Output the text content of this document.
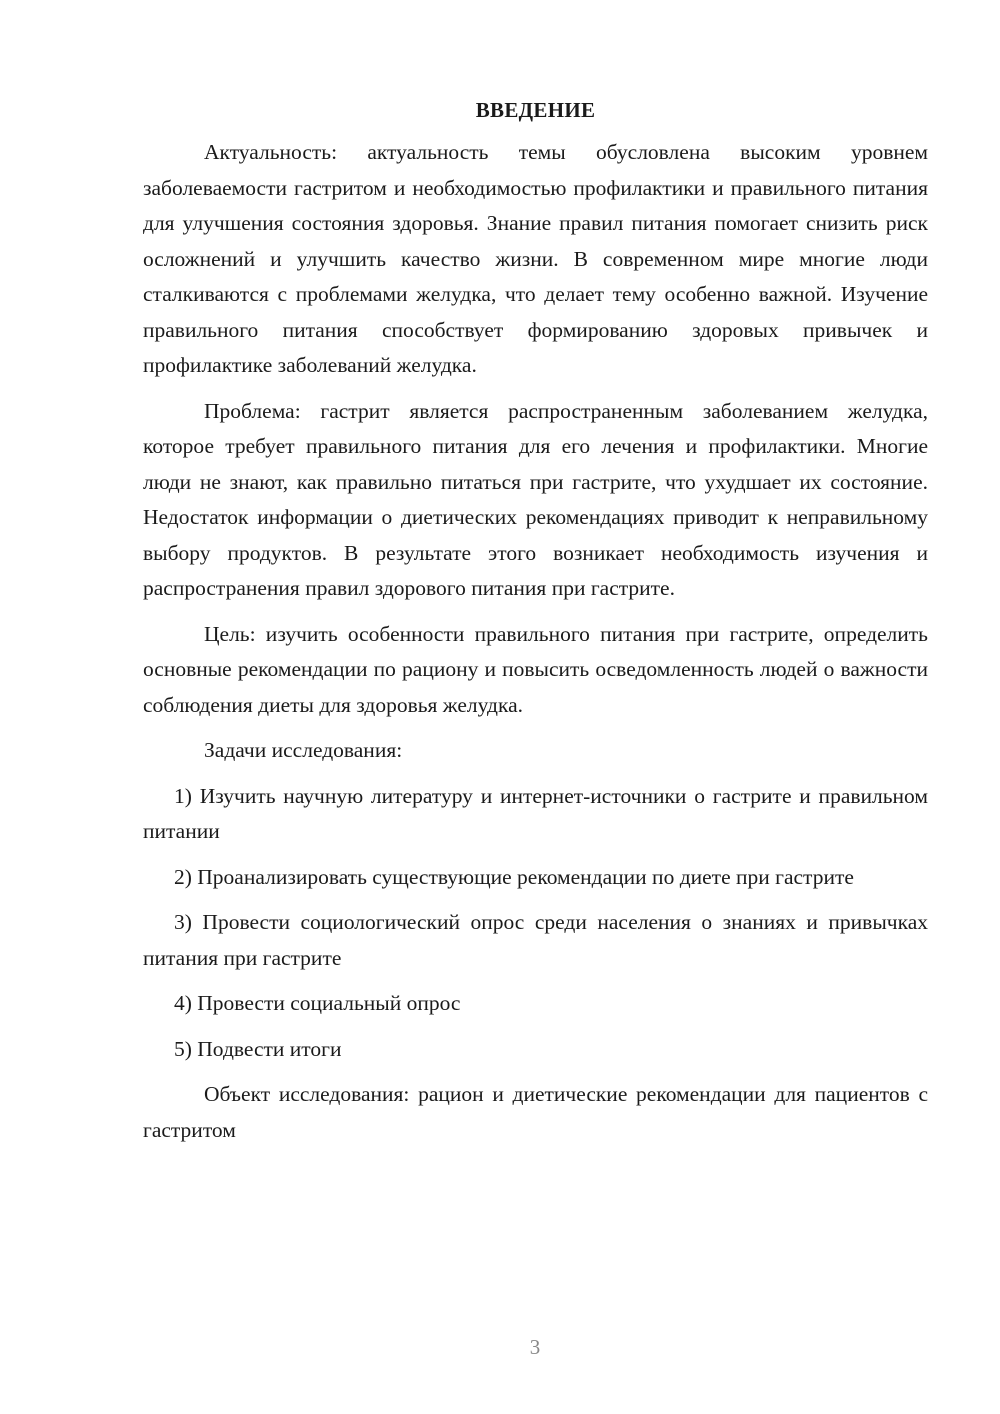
ВВЕДЕНИЕ

Актуальность: актуальность темы обусловлена высоким уровнем заболеваемости гастритом и необходимостью профилактики и правильного питания для улучшения состояния здоровья. Знание правил питания помогает снизить риск осложнений и улучшить качество жизни. В современном мире многие люди сталкиваются с проблемами желудка, что делает тему особенно важной. Изучение правильного питания способствует формированию здоровых привычек и профилактике заболеваний желудка.

Проблема: гастрит является распространенным заболеванием желудка, которое требует правильного питания для его лечения и профилактики. Многие люди не знают, как правильно питаться при гастрите, что ухудшает их состояние. Недостаток информации о диетических рекомендациях приводит к неправильному выбору продуктов. В результате этого возникает необходимость изучения и распространения правил здорового питания при гастрите.

Цель: изучить особенности правильного питания при гастрите, определить основные рекомендации по рациону и повысить осведомленность людей о важности соблюдения диеты для здоровья желудка.

Задачи исследования:

1) Изучить научную литературу и интернет-источники о гастрите и правильном питании

2) Проанализировать существующие рекомендации по диете при гастрите

3) Провести социологический опрос среди населения о знаниях и привычках питания при гастрите

4) Провести социальный опрос

5) Подвести итоги

Объект исследования: рацион и диетические рекомендации для пациентов с гастритом

3
